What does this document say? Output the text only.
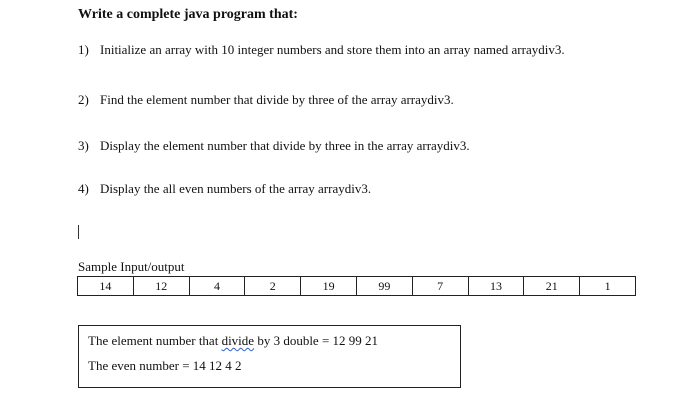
Write a complete java program that:
1) Initialize an array with 10 integer numbers and store them into an array named arraydiv3.
2) Find the element number that divide by three of the array arraydiv3.
3) Display the element number that divide by three in the array arraydiv3.
4) Display the all even numbers of the array arraydiv3.
Sample Input/output
14	12	4	2	19	99	7	13	21	1
The element number that divide by 3 double = 12 99 21
The even number = 14 12 4 2
